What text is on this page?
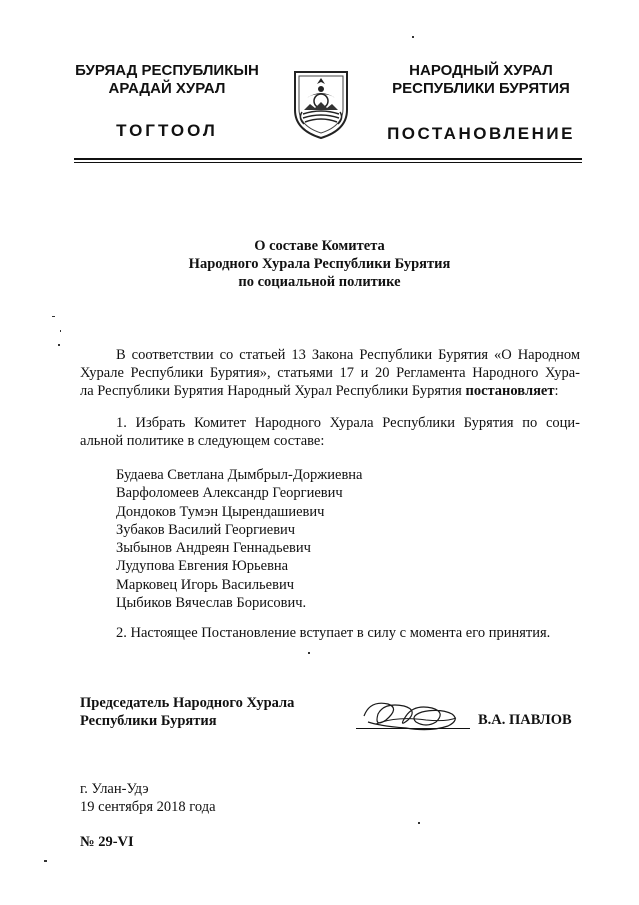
БУРЯАД РЕСПУБЛИКЫН
АРАДАЙ ХУРАЛ
ТОГТООЛ
НАРОДНЫЙ ХУРАЛ
РЕСПУБЛИКИ БУРЯТИЯ
ПОСТАНОВЛЕНИЕ
О составе Комитета
Народного Хурала Республики Бурятия
по социальной политике
В соответствии со статьей 13 Закона Республики Бурятия «О Народном
Хурале Республики Бурятия», статьями 17 и 20 Регламента Народного Хура-
ла Республики Бурятия Народный Хурал Республики Бурятия постановляет:
1. Избрать Комитет Народного Хурала Республики Бурятия по соци-
альной политике в следующем составе:
Будаева Светлана Дымбрыл-Доржиевна
Варфоломеев Александр Георгиевич
Дондоков Тумэн Цырендашиевич
Зубаков Василий Георгиевич
Зыбынов Андреян Геннадьевич
Лудупова Евгения Юрьевна
Марковец Игорь Васильевич
Цыбиков Вячеслав Борисович.
2. Настоящее Постановление вступает в силу с момента его принятия.
Председатель Народного Хурала
Республики Бурятия	В.А. ПАВЛОВ
г. Улан-Удэ
19 сентября 2018 года
№ 29-VI
